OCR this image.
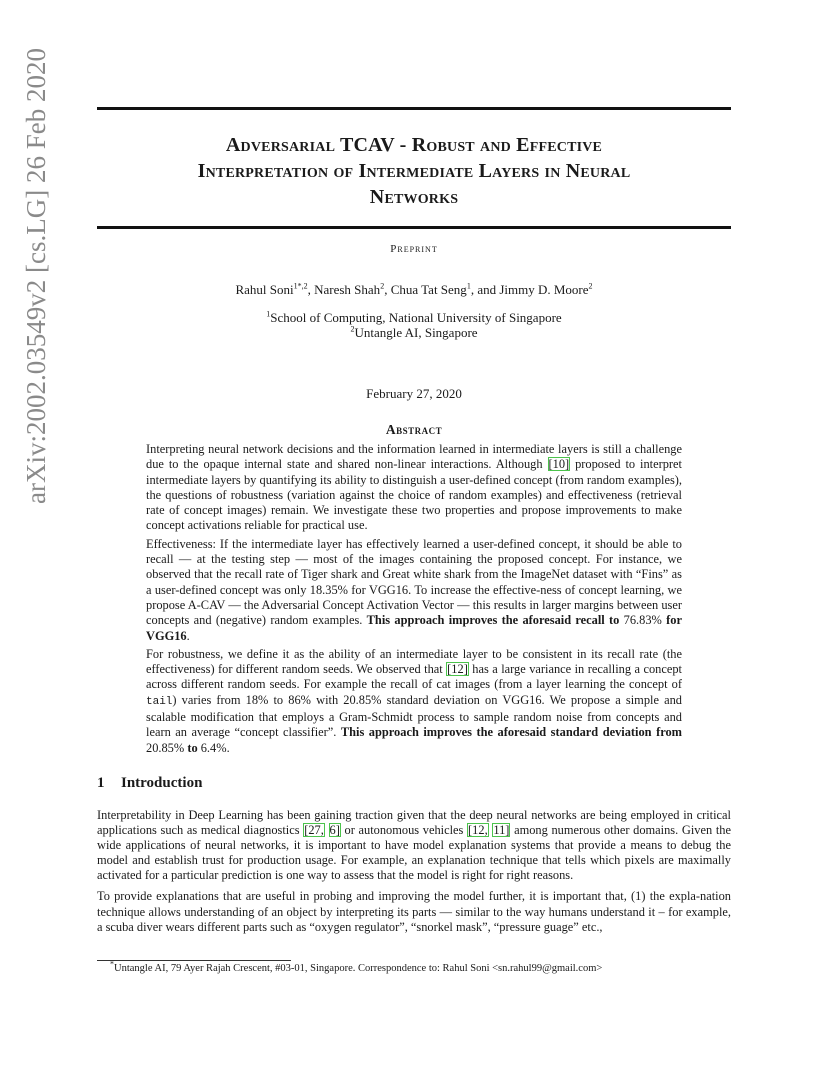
arXiv:2002.03549v2 [cs.LG] 26 Feb 2020	Adversarial TCAV - Robust and Effective
Interpretation of Intermediate Layers in Neural
Networks
Preprint
Rahul Soni$^{1*,2}$, Naresh Shah$^2$, Chua Tat Seng$^1$, and Jimmy D. Moore$^2$
$^1$School of Computing, National University of Singapore
$^2$Untangle AI, Singapore
February 27, 2020
Abstract

Interpreting neural network decisions and the information learned in intermediate layers is still a challenge due to the opaque internal state and shared non-linear interactions. Although [10] proposed to interpret intermediate layers by quantifying its ability to distinguish a user-defined concept (from random examples), the questions of robustness (variation against the choice of random examples) and effectiveness (retrieval rate of concept images) remain. We investigate these two properties and propose improvements to make concept activations reliable for practical use.

Effectiveness: If the intermediate layer has effectively learned a user-defined concept, it should be able to recall — at the testing step — most of the images containing the proposed concept. For instance, we observed that the recall rate of Tiger shark and Great white shark from the ImageNet dataset with “Fins” as a user-defined concept was only 18.35% for VGG16. To increase the effective-ness of concept learning, we propose A-CAV — the Adversarial Concept Activation Vector — this results in larger margins between user concepts and (negative) random examples. This approach improves the aforesaid recall to 76.83% for VGG16.

For robustness, we define it as the ability of an intermediate layer to be consistent in its recall rate (the effectiveness) for different random seeds. We observed that [12] has a large variance in recalling a concept across different random seeds. For example the recall of cat images (from a layer learning the concept of tail) varies from 18% to 86% with 20.85% standard deviation on VGG16. We propose a simple and scalable modification that employs a Gram-Schmidt process to sample random noise from concepts and learn an average “concept classifier”. This approach improves the aforesaid standard deviation from 20.85% to 6.4%.

1 Introduction

Interpretability in Deep Learning has been gaining traction given that the deep neural networks are being employed in critical applications such as medical diagnostics [27, 6] or autonomous vehicles [12, 11] among numerous other domains. Given the wide applications of neural networks, it is important to have model explanation systems that provide a means to debug the model and establish trust for production usage. For example, an explanation technique that tells which pixels are maximally activated for a particular prediction is one way to assess that the model is right for right reasons.

To provide explanations that are useful in probing and improving the model further, it is important that, (1) the expla-nation technique allows understanding of an object by interpreting its parts — similar to the way humans understand it – for example, a scuba diver wears different parts such as “oxygen regulator”, “snorkel mask”, “pressure guage” etc.,

*Untangle AI, 79 Ayer Rajah Crescent, #03-01, Singapore. Correspondence to: Rahul Soni <sn.rahul99@gmail.com>
